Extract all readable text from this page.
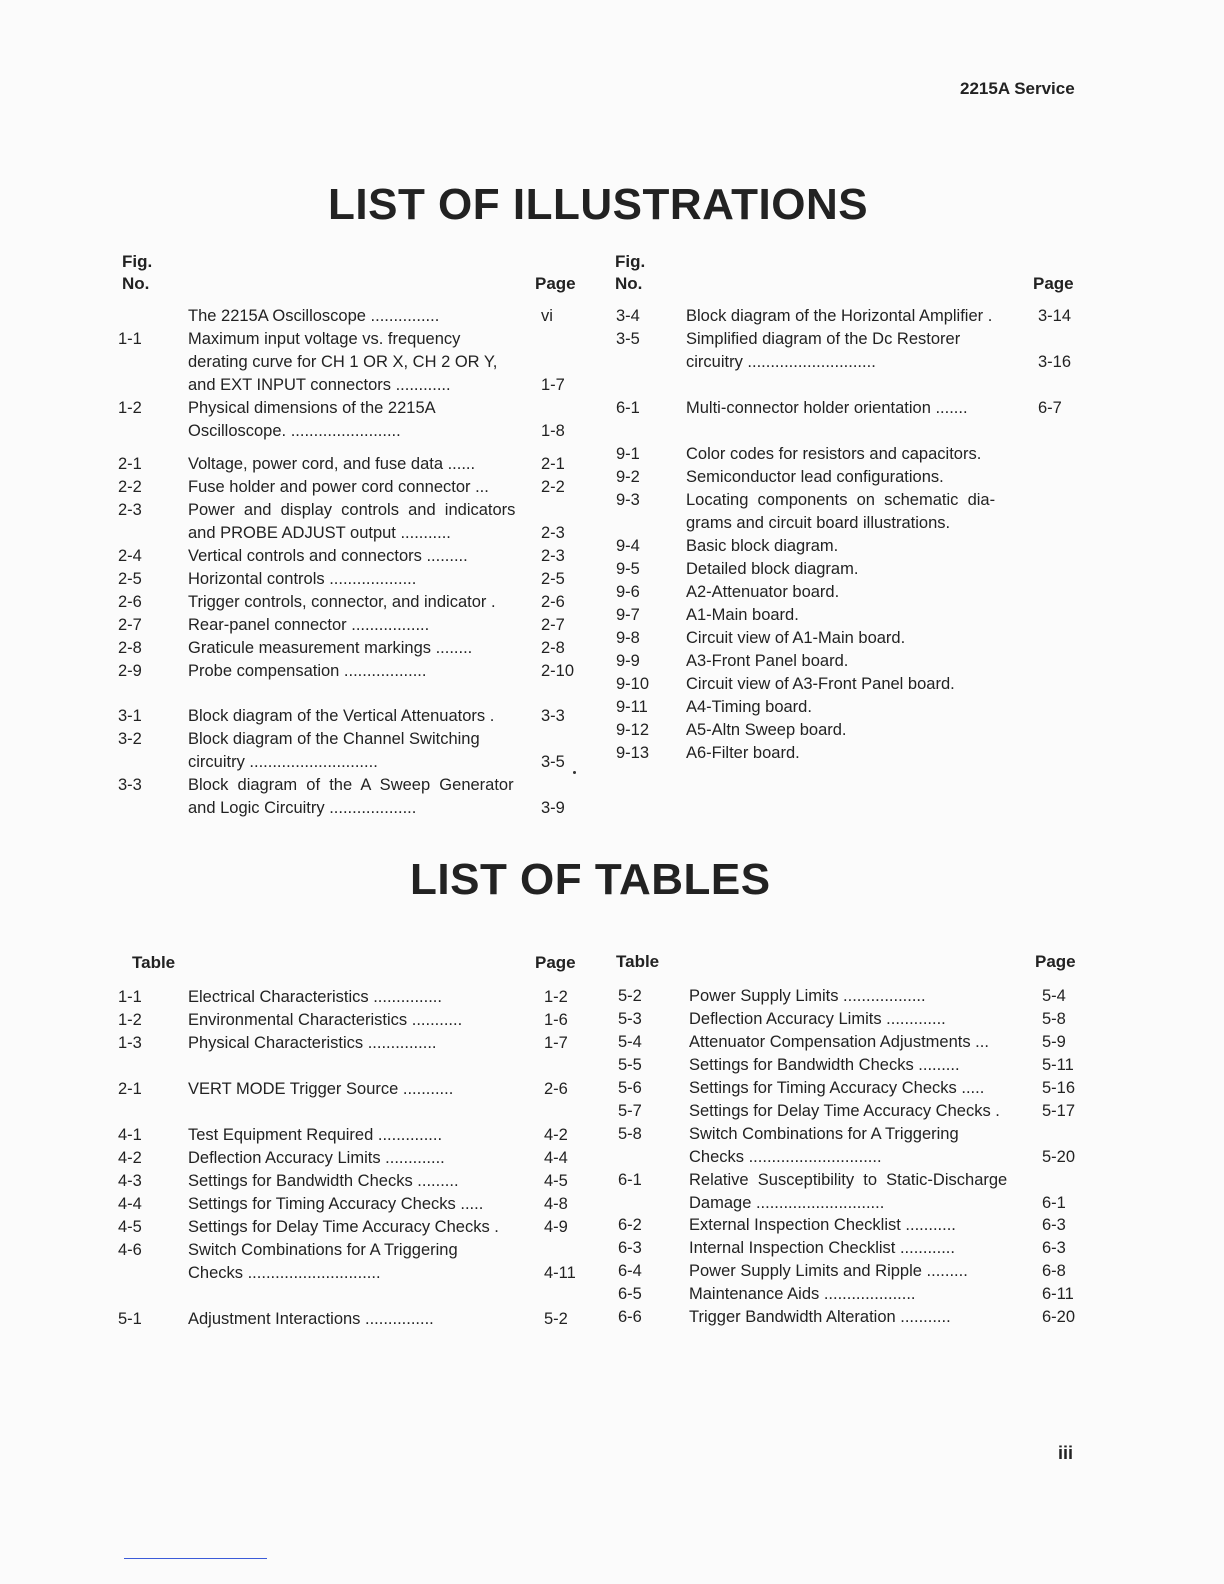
2215A Service
LIST OF ILLUSTRATIONS
Fig.
No.	Page
Fig.
No.	Page
The 2215A Oscilloscope ...............	vi
1-1	Maximum input voltage vs. frequency
derating curve for CH 1 OR X, CH 2 OR Y,
and EXT INPUT connectors ............	1-7
1-2	Physical dimensions of the 2215A
Oscilloscope. ........................	1-8
2-1	Voltage, power cord, and fuse data ......	2-1
2-2	Fuse holder and power cord connector ...	2-2
2-3	Power  and  display  controls  and  indicators
and PROBE ADJUST output ...........	2-3
2-4	Vertical controls and connectors .........	2-3
2-5	Horizontal controls ...................	2-5
2-6	Trigger controls, connector, and indicator .	2-6
2-7	Rear-panel connector .................	2-7
2-8	Graticule measurement markings ........	2-8
2-9	Probe compensation ..................	2-10
3-1	Block diagram of the Vertical Attenuators .	3-3
3-2	Block diagram of the Channel Switching
circuitry ............................	3-5
3-3	Block  diagram  of  the  A  Sweep  Generator
and Logic Circuitry ...................	3-9
3-4	Block diagram of the Horizontal Amplifier .	3-14
3-5	Simplified diagram of the Dc Restorer
circuitry ............................	3-16
6-1	Multi-connector holder orientation .......	6-7
9-1	Color codes for resistors and capacitors.
9-2	Semiconductor lead configurations.
9-3	Locating  components  on  schematic  dia-
grams and circuit board illustrations.
9-4	Basic block diagram.
9-5	Detailed block diagram.
9-6	A2-Attenuator board.
9-7	A1-Main board.
9-8	Circuit view of A1-Main board.
9-9	A3-Front Panel board.
9-10 Circuit view of A3-Front Panel board.
9-11 A4-Timing board.
9-12 A5-Altn Sweep board.
9-13 A6-Filter board.
LIST OF TABLES
Table	Page Table	Page
1-1	Electrical Characteristics ...............	1-2
1-2	Environmental Characteristics ...........	1-6
1-3	Physical Characteristics ...............	1-7
2-1	VERT MODE Trigger Source ...........	2-6
4-1	Test Equipment Required ..............	4-2
4-2	Deflection Accuracy Limits .............	4-4
4-3	Settings for Bandwidth Checks .........	4-5
4-4	Settings for Timing Accuracy Checks .....	4-8
4-5	Settings for Delay Time Accuracy Checks .	4-9
4-6	Switch Combinations for A Triggering
Checks .............................	4-11
5-1	Adjustment Interactions ...............	5-2
5-2	Power Supply Limits ..................	5-4
5-3	Deflection Accuracy Limits .............	5-8
5-4	Attenuator Compensation Adjustments ...	5-9
5-5	Settings for Bandwidth Checks .........	5-11
5-6	Settings for Timing Accuracy Checks .....	5-16
5-7	Settings for Delay Time Accuracy Checks .	5-17
5-8	Switch Combinations for A Triggering
Checks .............................	5-20
6-1	Relative  Susceptibility  to  Static-Discharge
Damage ............................	6-1
6-2	External Inspection Checklist ...........	6-3
6-3	Internal Inspection Checklist ............	6-3
6-4	Power Supply Limits and Ripple .........	6-8
6-5	Maintenance Aids ....................	6-11
6-6	Trigger Bandwidth Alteration ...........	6-20
iii
